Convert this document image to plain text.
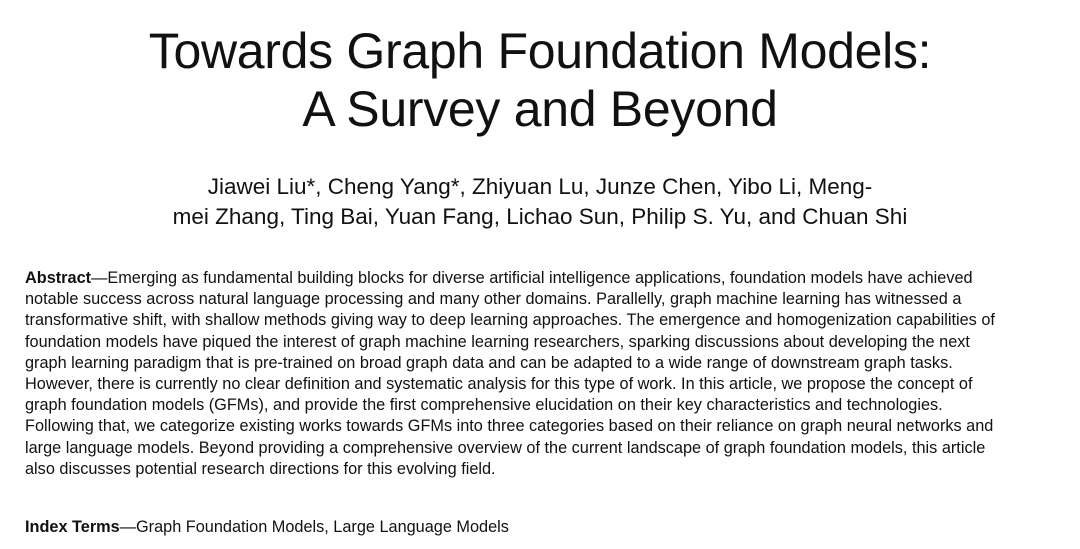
Towards Graph Foundation Models:
A Survey and Beyond
Jiawei Liu*, Cheng Yang*, Zhiyuan Lu, Junze Chen, Yibo Li, Meng-
mei Zhang, Ting Bai, Yuan Fang, Lichao Sun, Philip S. Yu, and Chuan Shi
Abstract—Emerging as fundamental building blocks for diverse artificial intelligence applications, foundation models have achieved
notable success across natural language processing and many other domains. Parallelly, graph machine learning has witnessed a
transformative shift, with shallow methods giving way to deep learning approaches. The emergence and homogenization capabilities of
foundation models have piqued the interest of graph machine learning researchers, sparking discussions about developing the next
graph learning paradigm that is pre-trained on broad graph data and can be adapted to a wide range of downstream graph tasks.
However, there is currently no clear definition and systematic analysis for this type of work. In this article, we propose the concept of
graph foundation models (GFMs), and provide the first comprehensive elucidation on their key characteristics and technologies.
Following that, we categorize existing works towards GFMs into three categories based on their reliance on graph neural networks and
large language models. Beyond providing a comprehensive overview of the current landscape of graph foundation models, this article
also discusses potential research directions for this evolving field.
Index Terms—Graph Foundation Models, Large Language Models
